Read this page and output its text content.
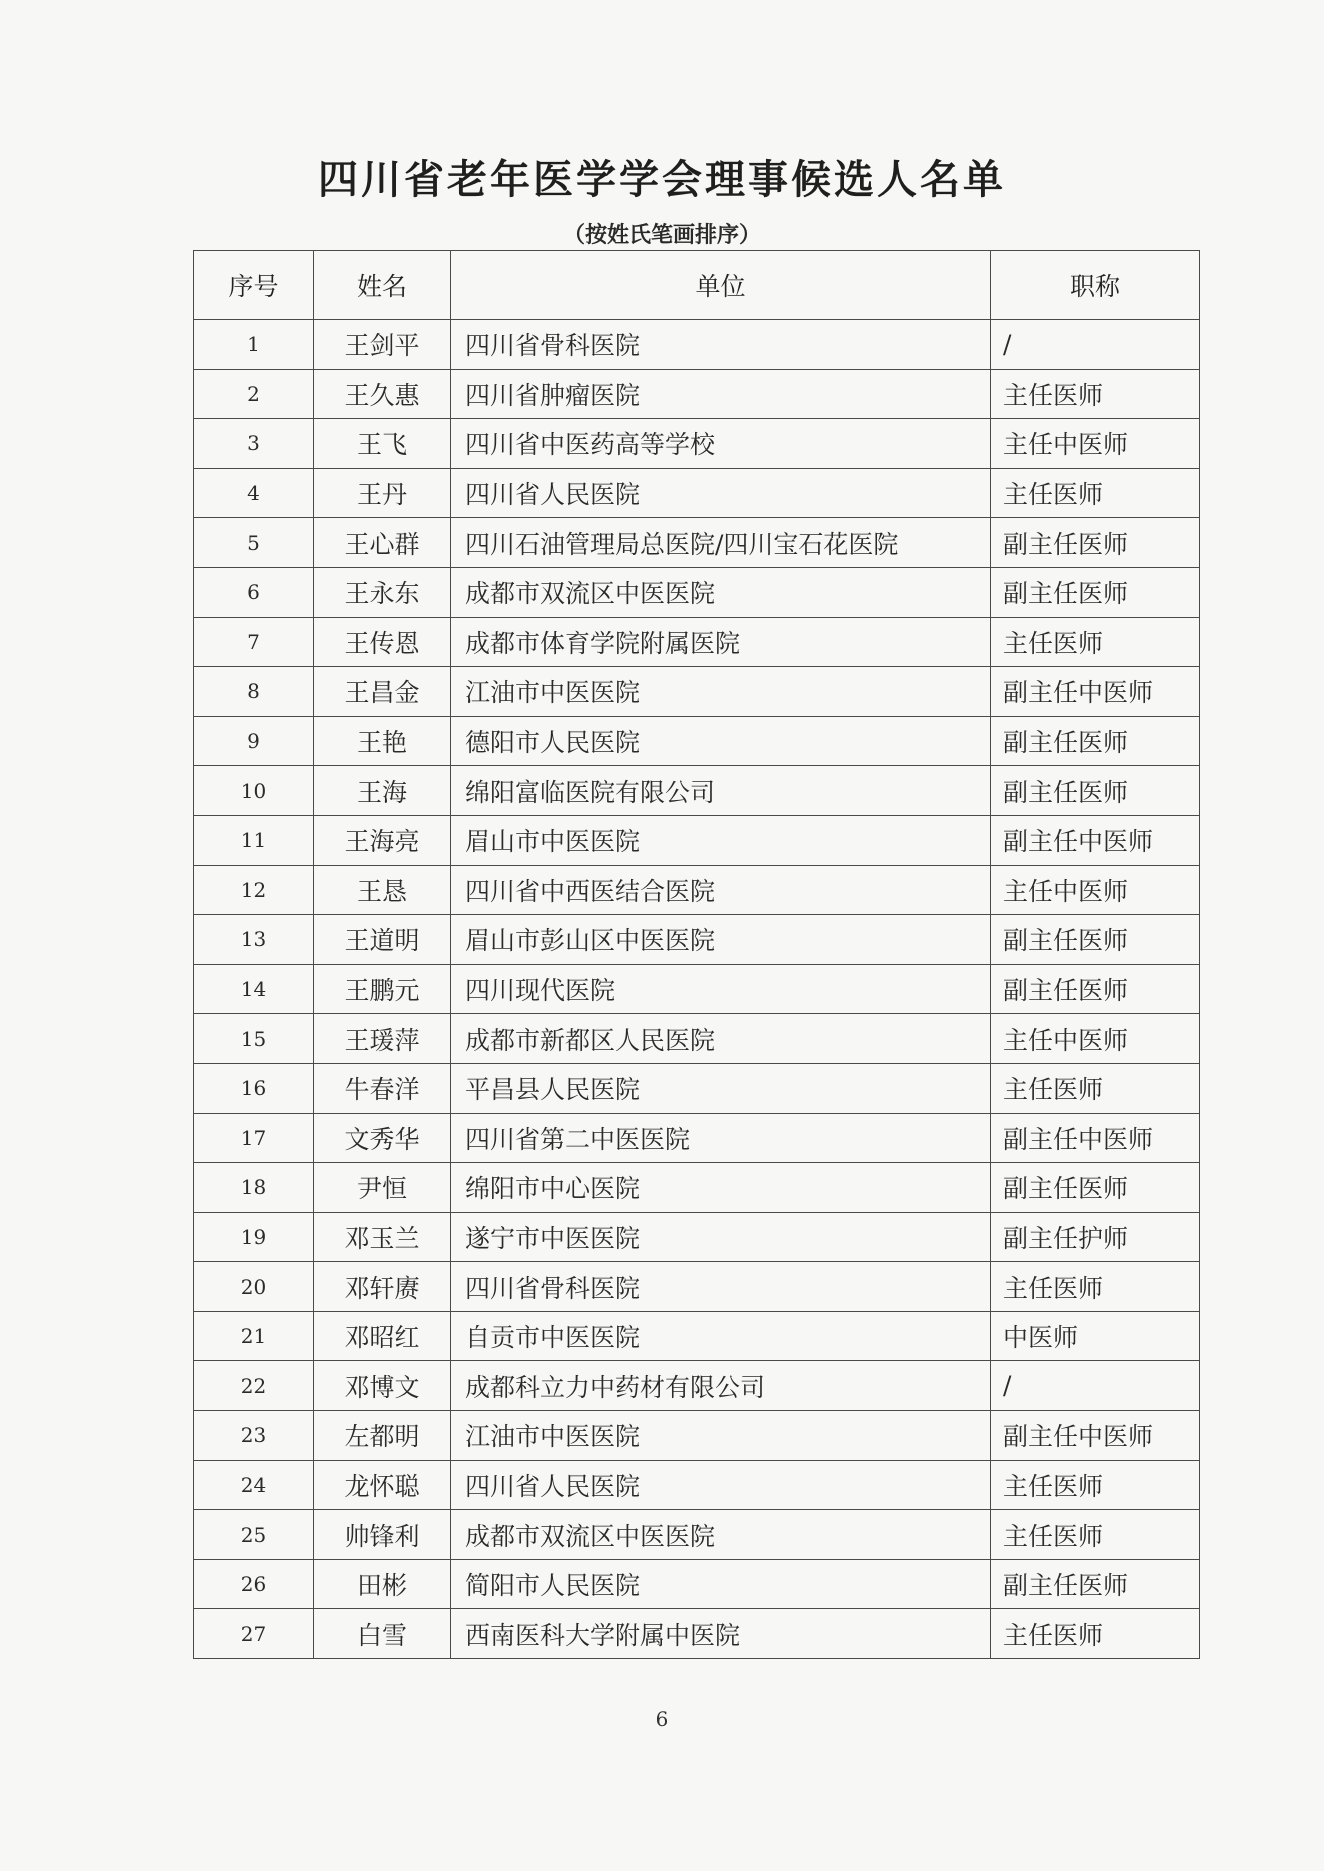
四川省老年医学学会理事候选人名单
（按姓氏笔画排序）
序号	姓名	单位	职称
1	王剑平	四川省骨科医院	/
2	王久惠	四川省肿瘤医院	主任医师
3	王飞	四川省中医药高等学校	主任中医师
4	王丹	四川省人民医院	主任医师
5	王心群	四川石油管理局总医院/四川宝石花医院	副主任医师
6	王永东	成都市双流区中医医院	副主任医师
7	王传恩	成都市体育学院附属医院	主任医师
8	王昌金	江油市中医医院	副主任中医师
9	王艳	德阳市人民医院	副主任医师
10	王海	绵阳富临医院有限公司	副主任医师
11	王海亮	眉山市中医医院	副主任中医师
12	王恳	四川省中西医结合医院	主任中医师
13	王道明	眉山市彭山区中医医院	副主任医师
14	王鹏元	四川现代医院	副主任医师
15	王瑗萍	成都市新都区人民医院	主任中医师
16	牛春洋	平昌县人民医院	主任医师
17	文秀华	四川省第二中医医院	副主任中医师
18	尹恒	绵阳市中心医院	副主任医师
19	邓玉兰	遂宁市中医医院	副主任护师
20	邓轩赓	四川省骨科医院	主任医师
21	邓昭红	自贡市中医医院	中医师
22	邓博文	成都科立力中药材有限公司	/
23	左都明	江油市中医医院	副主任中医师
24	龙怀聪	四川省人民医院	主任医师
25	帅锋利	成都市双流区中医医院	主任医师
26	田彬	简阳市人民医院	副主任医师
27	白雪	西南医科大学附属中医院	主任医师
6
